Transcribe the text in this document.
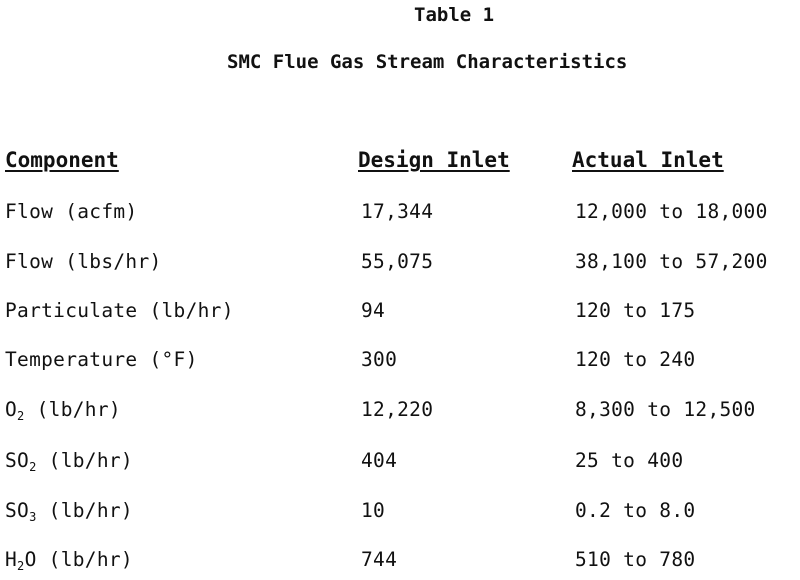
Table 1
SMC Flue Gas Stream Characteristics
Component	Design Inlet	Actual Inlet
Flow (acfm)	17,344	12,000 to 18,000
Flow (lbs/hr)	55,075	38,100 to 57,200
Particulate (lb/hr)	94	120 to 175
Temperature (°F)	300	120 to 240
$O_2$ (lb/hr)	12,220	8,300 to 12,500
$SO_2$ (lb/hr)	404	25 to 400
$SO_3$ (lb/hr)	10	0.2 to 8.0
$H_2O$ (lb/hr)	744	510 to 780
